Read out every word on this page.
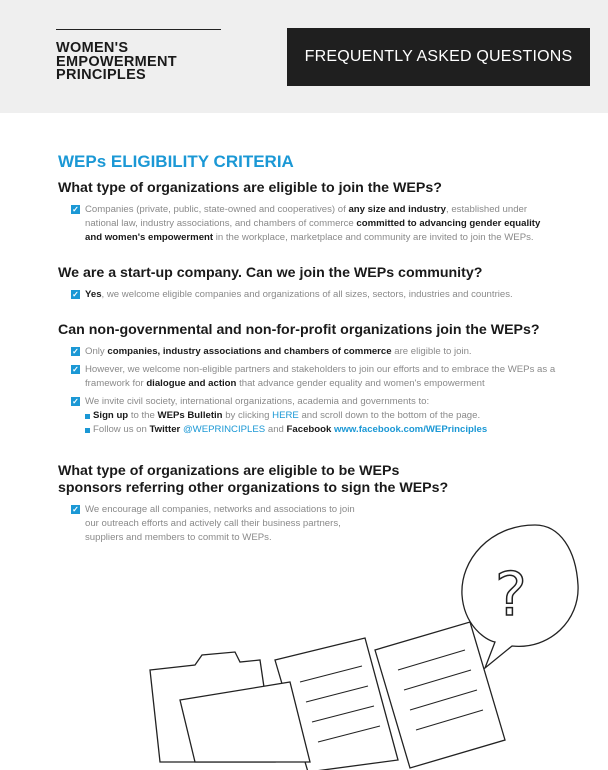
WOMEN'S
EMPOWERMENT
PRINCIPLES
FREQUENTLY ASKED QUESTIONS
WEPs ELIGIBILITY CRITERIA
What type of organizations are eligible to join the WEPs?
✓ Companies (private, public, state-owned and cooperatives) of any size and industry, established under national law, industry associations, and chambers of commerce committed to advancing gender equality and women's empowerment in the workplace, marketplace and community are invited to join the WEPs.
We are a start-up company. Can we join the WEPs community?
✓ Yes, we welcome eligible companies and organizations of all sizes, sectors, industries and countries.
Can non-governmental and non-for-profit organizations join the WEPs?
✓ Only companies, industry associations and chambers of commerce are eligible to join.
✓ However, we welcome non-eligible partners and stakeholders to join our efforts and to embrace the WEPs as a framework for dialogue and action that advance gender equality and women's empowerment
✓ We invite civil society, international organizations, academia and governments to:
Sign up to the WEPs Bulletin by clicking HERE and scroll down to the bottom of the page.
Follow us on Twitter @WEPRINCIPLES and Facebook www.facebook.com/WEPrinciples
What type of organizations are eligible to be WEPs
sponsors referring other organizations to sign the WEPs?
✓ We encourage all companies, networks and associations to join
our outreach efforts and actively call their business partners,
suppliers and members to commit to WEPs.
?
